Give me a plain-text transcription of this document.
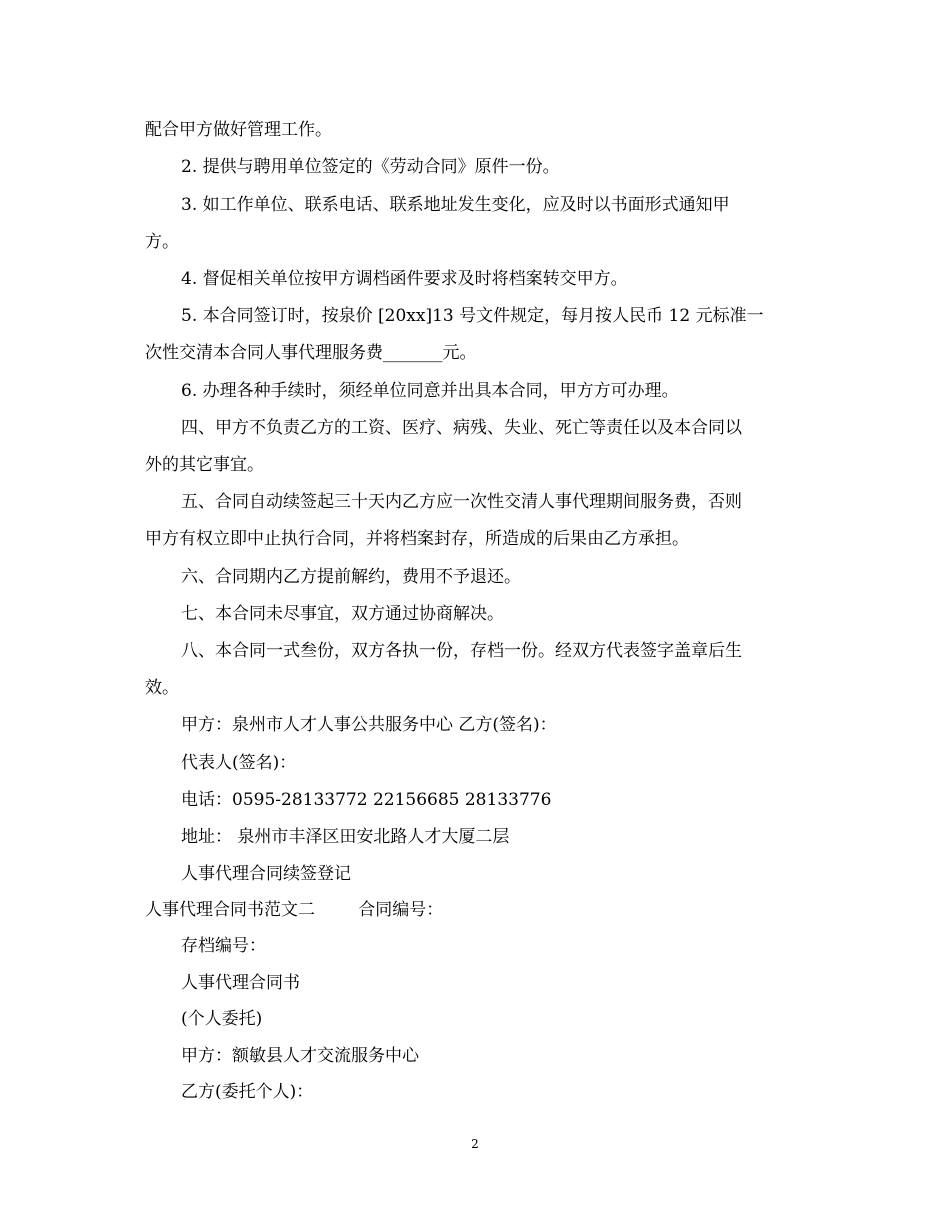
配合甲方做好管理工作。
2. 提供与聘用单位签定的《劳动合同》原件一份。
3. 如工作单位、联系电话、联系地址发生变化，应及时以书面形式通知甲
方。
4. 督促相关单位按甲方调档函件要求及时将档案转交甲方。
5. 本合同签订时，按泉价 [20xx]13 号文件规定，每月按人民币 12 元标准一
次性交清本合同人事代理服务费_______元。
6. 办理各种手续时，须经单位同意并出具本合同，甲方方可办理。
四、甲方不负责乙方的工资、医疗、病残、失业、死亡等责任以及本合同以
外的其它事宜。
五、合同自动续签起三十天内乙方应一次性交清人事代理期间服务费，否则
甲方有权立即中止执行合同，并将档案封存，所造成的后果由乙方承担。
六、合同期内乙方提前解约，费用不予退还。
七、本合同未尽事宜，双方通过协商解决。
八、本合同一式叁份，双方各执一份，存档一份。经双方代表签字盖章后生
效。
甲方：泉州市人才人事公共服务中心 乙方(签名)：
代表人(签名)：
电话：0595-28133772 22156685 28133776
地址： 泉州市丰泽区田安北路人才大厦二层
人事代理合同续签登记
人事代理合同书范文二        合同编号：
存档编号：
人事代理合同书
(个人委托)
甲方：额敏县人才交流服务中心
乙方(委托个人)：
2
